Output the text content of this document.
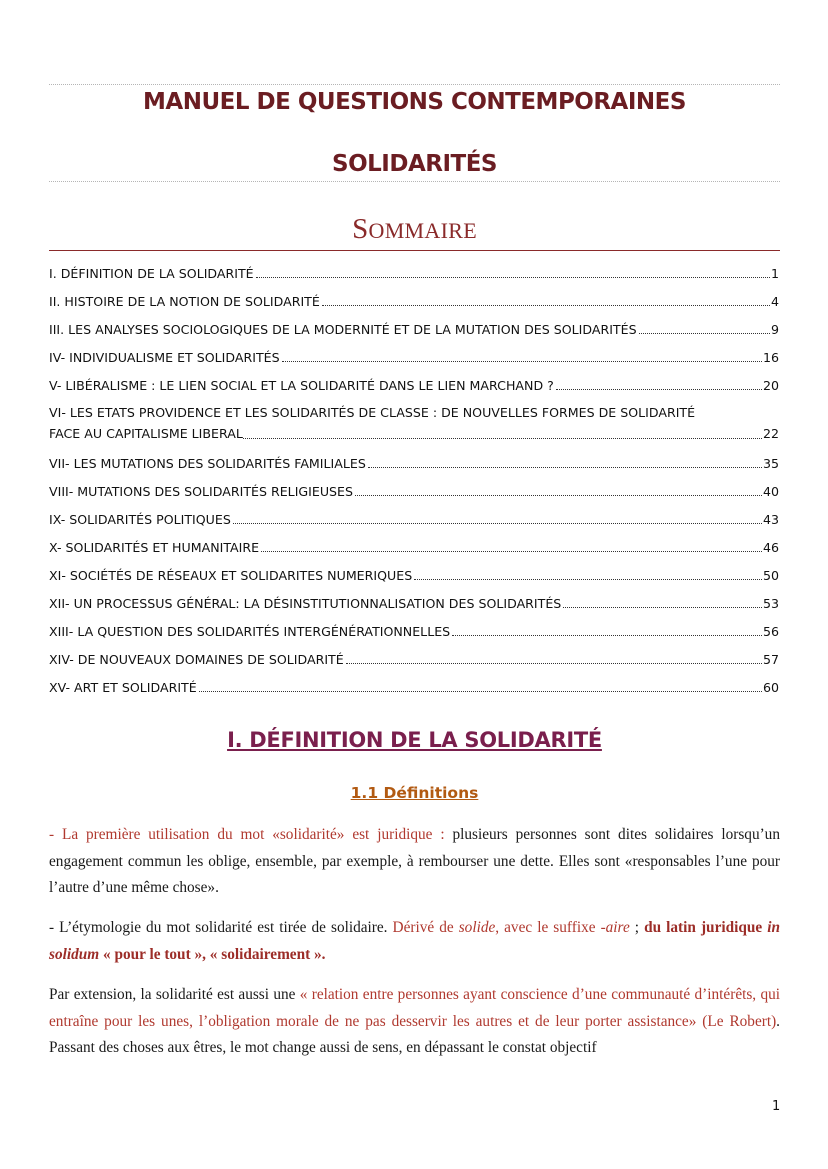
MANUEL DE QUESTIONS CONTEMPORAINES
SOLIDARITÉS
SOMMAIRE
I. DÉFINITION DE LA SOLIDARITÉ	1
II. HISTOIRE DE LA NOTION DE SOLIDARITÉ	4
III. LES ANALYSES SOCIOLOGIQUES DE LA MODERNITÉ ET DE LA MUTATION DES SOLIDARITÉS	9
IV- INDIVIDUALISME ET SOLIDARITÉS	16
V- LIBÉRALISME : LE LIEN SOCIAL ET LA SOLIDARITÉ DANS LE LIEN MARCHAND ?	20
VI- LES ETATS PROVIDENCE ET LES SOLIDARITÉS DE CLASSE : DE NOUVELLES FORMES DE SOLIDARITÉ
FACE AU CAPITALISME LIBERAL	22
VII- LES MUTATIONS DES SOLIDARITÉS FAMILIALES	35
VIII- MUTATIONS DES SOLIDARITÉS RELIGIEUSES	40
IX- SOLIDARITÉS POLITIQUES	43
X- SOLIDARITÉS ET HUMANITAIRE	46
XI- SOCIÉTÉS DE RÉSEAUX ET SOLIDARITES NUMERIQUES	50
XII- UN PROCESSUS GÉNÉRAL: LA DÉSINSTITUTIONNALISATION DES SOLIDARITÉS	53
XIII- LA QUESTION DES SOLIDARITÉS INTERGÉNÉRATIONNELLES	56
XIV- DE NOUVEAUX DOMAINES DE SOLIDARITÉ	57
XV- ART ET SOLIDARITÉ	60
I. DÉFINITION DE LA SOLIDARITÉ
1.1 Définitions
- La première utilisation du mot «solidarité» est juridique : plusieurs personnes sont dites solidaires lorsqu’un engagement commun les oblige, ensemble, par exemple, à rembourser une dette. Elles sont «responsables l’une pour l’autre d’une même chose».
- L’étymologie du mot solidarité est tirée de solidaire. Dérivé de solide, avec le suffixe -aire ; du latin juridique in solidum « pour le tout », « solidairement ».
Par extension, la solidarité est aussi une « relation entre personnes ayant conscience d’une communauté d’intérêts, qui entraîne pour les unes, l’obligation morale de ne pas desservir les autres et de leur porter assistance» (Le Robert). Passant des choses aux êtres, le mot change aussi de sens, en dépassant le constat objectif
1
